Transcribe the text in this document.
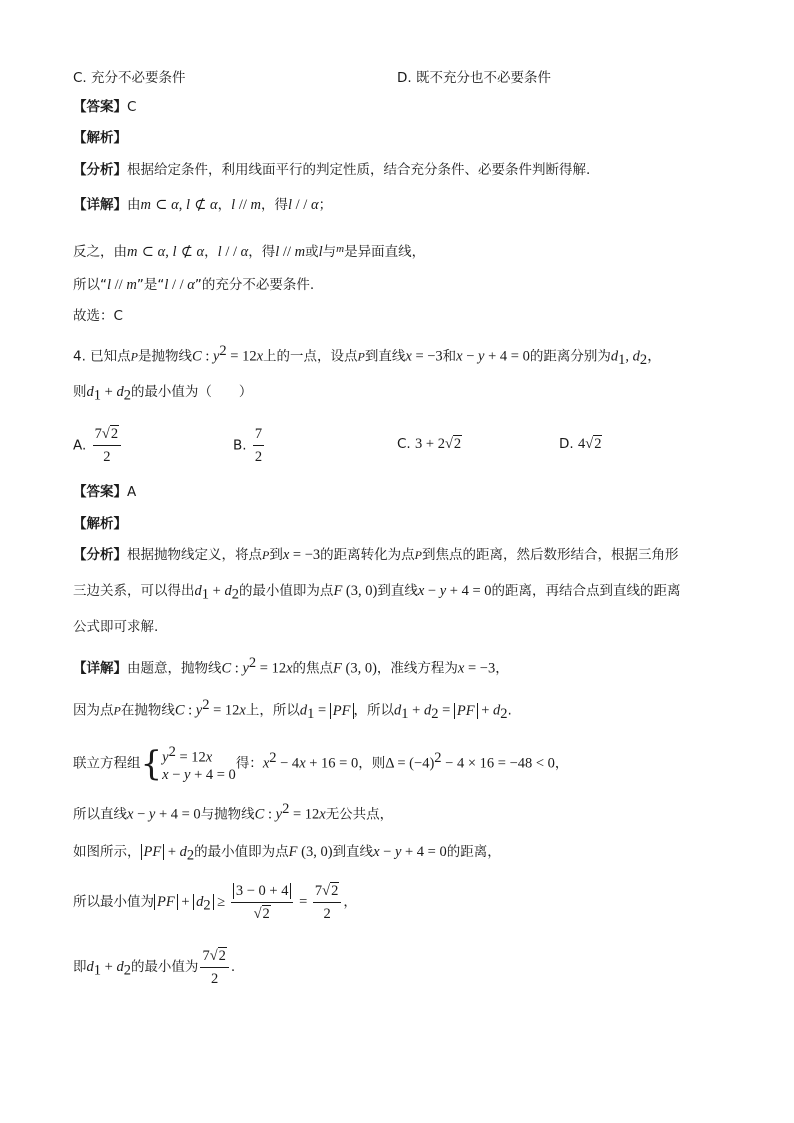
C. 充分不必要条件	D. 既不充分也不必要条件
【答案】C
【解析】
【分析】根据给定条件，利用线面平行的判定性质，结合充分条件、必要条件判断得解.
【详解】由m ⊂ α, l ⊄ α，l // m，得l / / α；
反之，由m ⊂ α, l ⊄ α，l / / α，得l // m或l与$^m$是异面直线，
所以“l // m”是“l / / α”的充分不必要条件.
故选：C
4. 已知点P是抛物线C : $y^2 = 12x$上的一点，设点P到直线x = −3和x − y + 4 = 0的距离分别为$d_1$, $d_2$，
则$d_1 + d_2$的最小值为（　　）
A. $\frac{7√2}{2}$	B. $\frac{7}{2}$	C. 3 + 2√2	D. 4√2
【答案】A
【解析】
【分析】根据抛物线定义，将点P到x = −3的距离转化为点P到焦点的距离，然后数形结合，根据三角形
三边关系，可以得出$d_1 + d_2$的最小值即为点F (3, 0)到直线x − y + 4 = 0的距离，再结合点到直线的距离
公式即可求解.
【详解】由题意，抛物线C : $y^2 = 12x$的焦点F (3, 0)，准线方程为x = −3，
因为点P在抛物线C : $y^2 = 12x$上，所以$d_1$ = PF ，所以$d_1 + d_2$ = PF + $d_2$.
联立方程组{ $y^2 = 12x$
x − y + 4 = 0
得：$x^2 - 4x + 16 = 0$，则$\Delta = (-4)^2 - 4 \times 16 = -48 < 0$，
所以直线x − y + 4 = 0与抛物线C : $y^2 = 12x$无公共点，
如图所示， PF + $d_2$的最小值即为点F (3, 0)到直线x − y + 4 = 0的距离，
所以最小值为 PF + $d_2 \ge \frac{3 - 0 + 4}{√2} = \frac{7√2}{2}$ ，
即$d_1 + d_2$的最小值为 $\frac{7√2}{2}$ .
